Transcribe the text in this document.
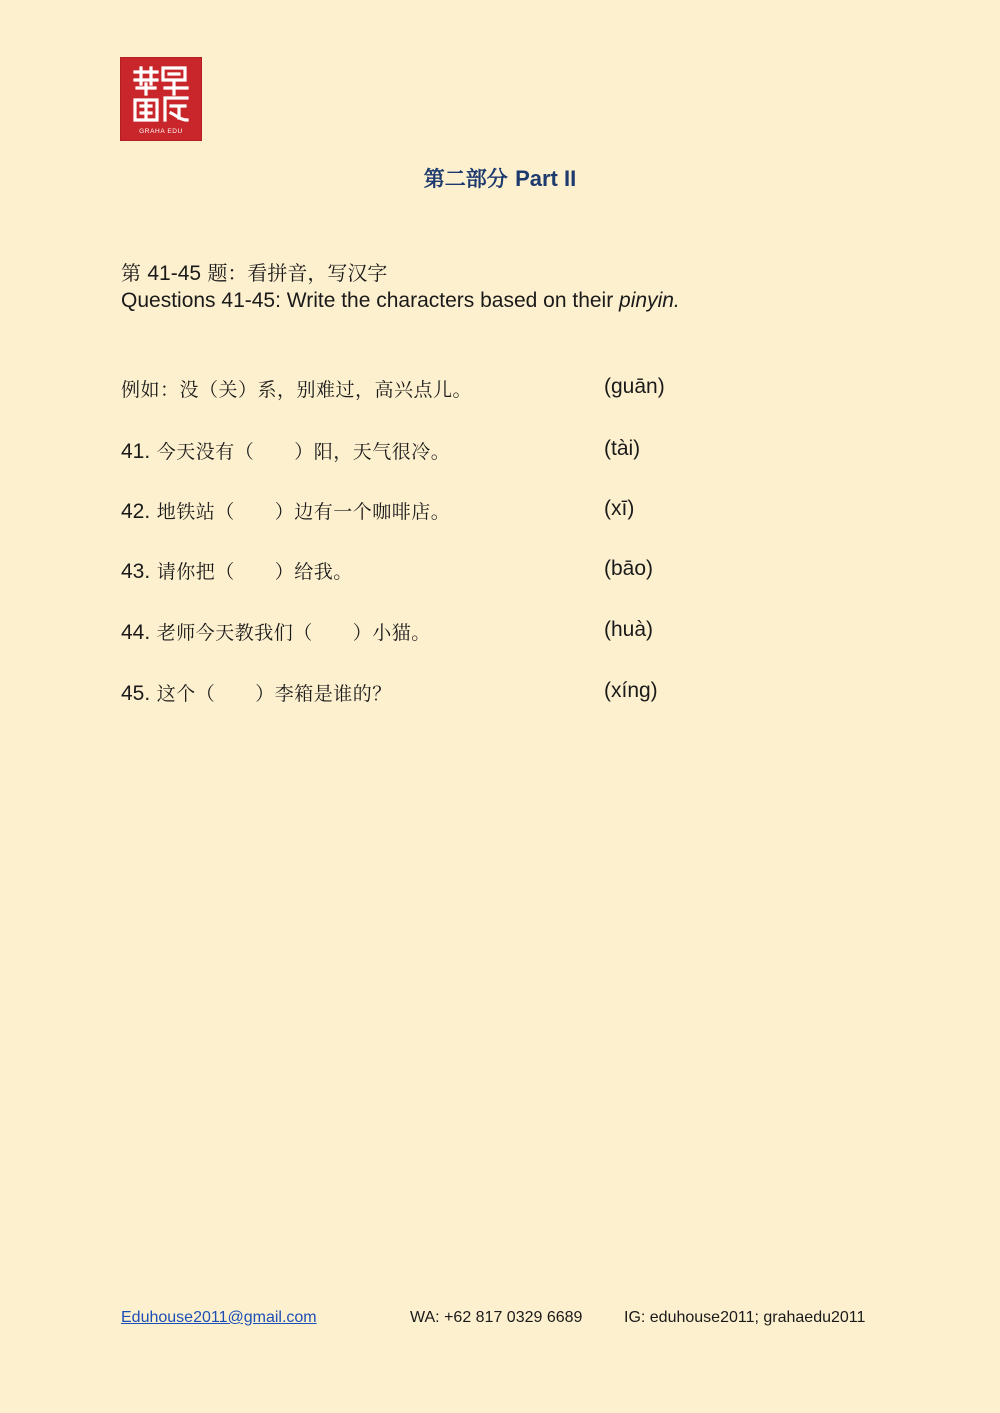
GRAHA EDU
第二部分 Part II
第 41-45 题：看拼音，写汉字
Questions 41-45: Write the characters based on their pinyin.
例如：没（关）系，别难过，高兴点儿。	(guān)
41. 今天没有（ ）阳，天气很冷。	(tài)
42. 地铁站（ ）边有一个咖啡店。	(xī)
43. 请你把（ ）给我。	(bāo)
44. 老师今天教我们（ ）小猫。	(huà)
45. 这个（ ）李箱是谁的？	(xíng)
Eduhouse2011@gmail.com	WA: +62 817 0329 6689	IG: eduhouse2011; grahaedu2011
